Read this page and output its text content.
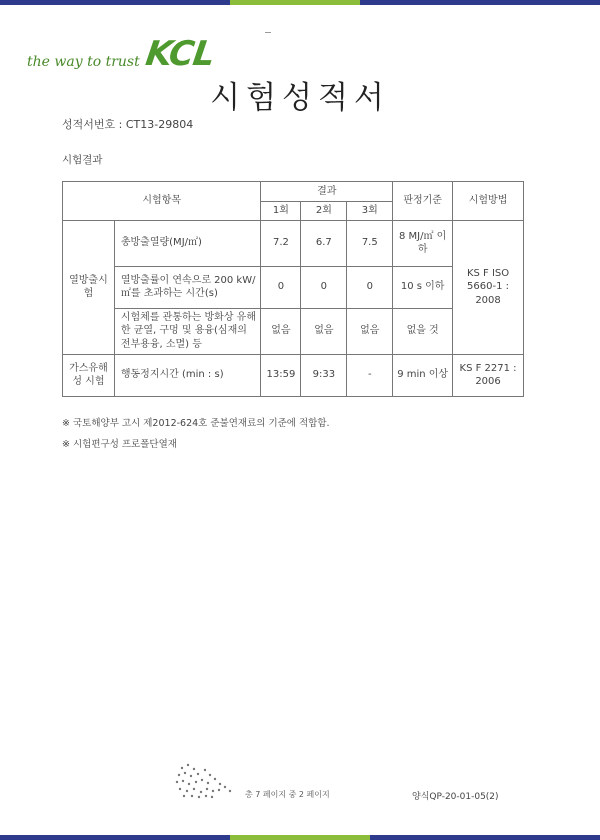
the way to trust KCL
시험성적서
성적서번호 : CT13-29804
시험결과
시험항목		결과			판정기준	시험방법
		1회	2회	3회		
열방출시험	총방출열량(MJ/㎡)	7.2	6.7	7.5	8 MJ/㎡ 이하	KS F ISO 5660-1 : 2008
	열방출률이 연속으로 200 kW/㎡를 초과하는 시간(s)	0	0	0	10 s 이하	
	시험체를 관통하는 방화상 유해한 균열, 구멍 및 용융(심재의 전부용융, 소멸) 등	없음	없음	없음	없을 것	
가스유해성 시험	행동정지시간 (min : s)	13:59	9:33	-	9 min 이상	KS F 2271 : 2006
※ 국토해양부 고시 제2012-624호 준불연재료의 기준에 적합함.
※ 시험편구성 프로폴단열재
총 7 페이지 중 2 페이지	양식QP-20-01-05(2)
